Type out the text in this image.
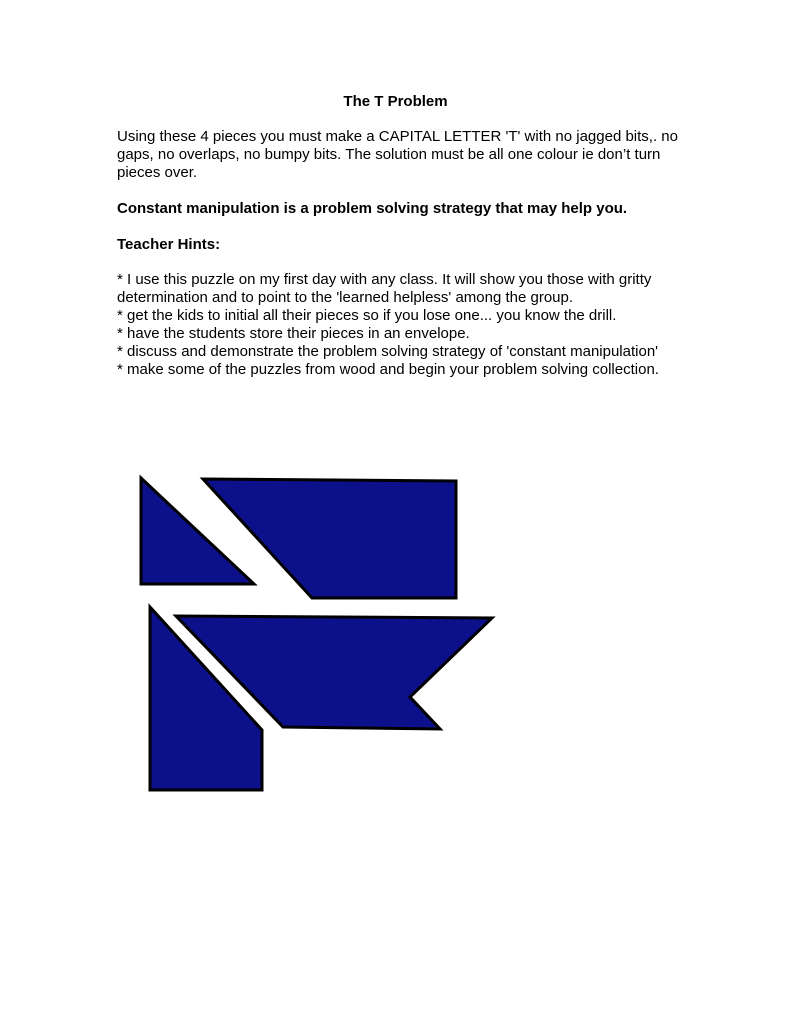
The T Problem

Using these 4 pieces you must make a CAPITAL LETTER 'T' with no jagged bits,. no gaps, no overlaps, no bumpy bits. The solution must be all one colour ie don’t turn pieces over.

Constant manipulation is a problem solving strategy that may help you.

Teacher Hints:

* I use this puzzle on my first day with any class. It will show you those with gritty determination and to point to the 'learned helpless' among the group.

* get the kids to initial all their pieces so if you lose one... you know the drill.

* have the students store their pieces in an envelope.

* discuss and demonstrate the problem solving strategy of 'constant manipulation'

* make some of the puzzles from wood and begin your problem solving collection.
